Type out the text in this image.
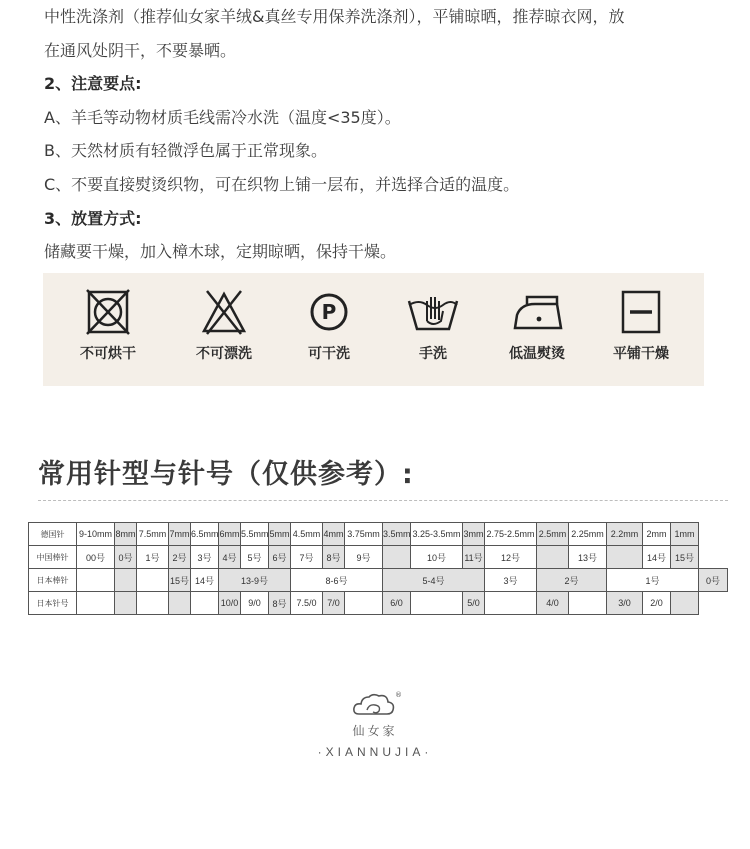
中性洗涤剂（推荐仙女家羊绒&真丝专用保养洗涤剂），平铺晾晒，推荐晾衣网，放

在通风处阴干，不要暴晒。

2、注意要点:

A、羊毛等动物材质毛线需冷水洗（温度<35度）。

B、天然材质有轻微浮色属于正常现象。

C、不要直接熨烫织物，可在织物上铺一层布，并选择合适的温度。

3、放置方式:

储藏要干燥，加入樟木球，定期晾晒，保持干燥。

不可烘干	不可漂洗
P
可干洗	手洗	低温熨烫	平铺干燥
常用针型与针号（仅供参考）:
德国针	9-10mm	8mm	7.5mm	7mm	6.5mm	6mm	5.5mm	5mm	4.5mm	4mm	3.75mm	3.5mm	3.25-3.5mm	3mm	2.75-2.5mm	2.5mm	2.25mm	2.2mm	2mm	1mm	
中国棒针	00号	0号	1号	2号	3号	4号	5号	6号	7号	8号	9号		10号	11号	12号		13号		14号	15号	
日本棒针				15号	14号	13-9号			8-6号			5-4号			3号	2号		1号			0号
日本针号						10/0	9/0	8号	7.5/0	7/0		6/0		5/0		4/0		3/0	2/0		
®
仙女家
·XIANNUJIA·
